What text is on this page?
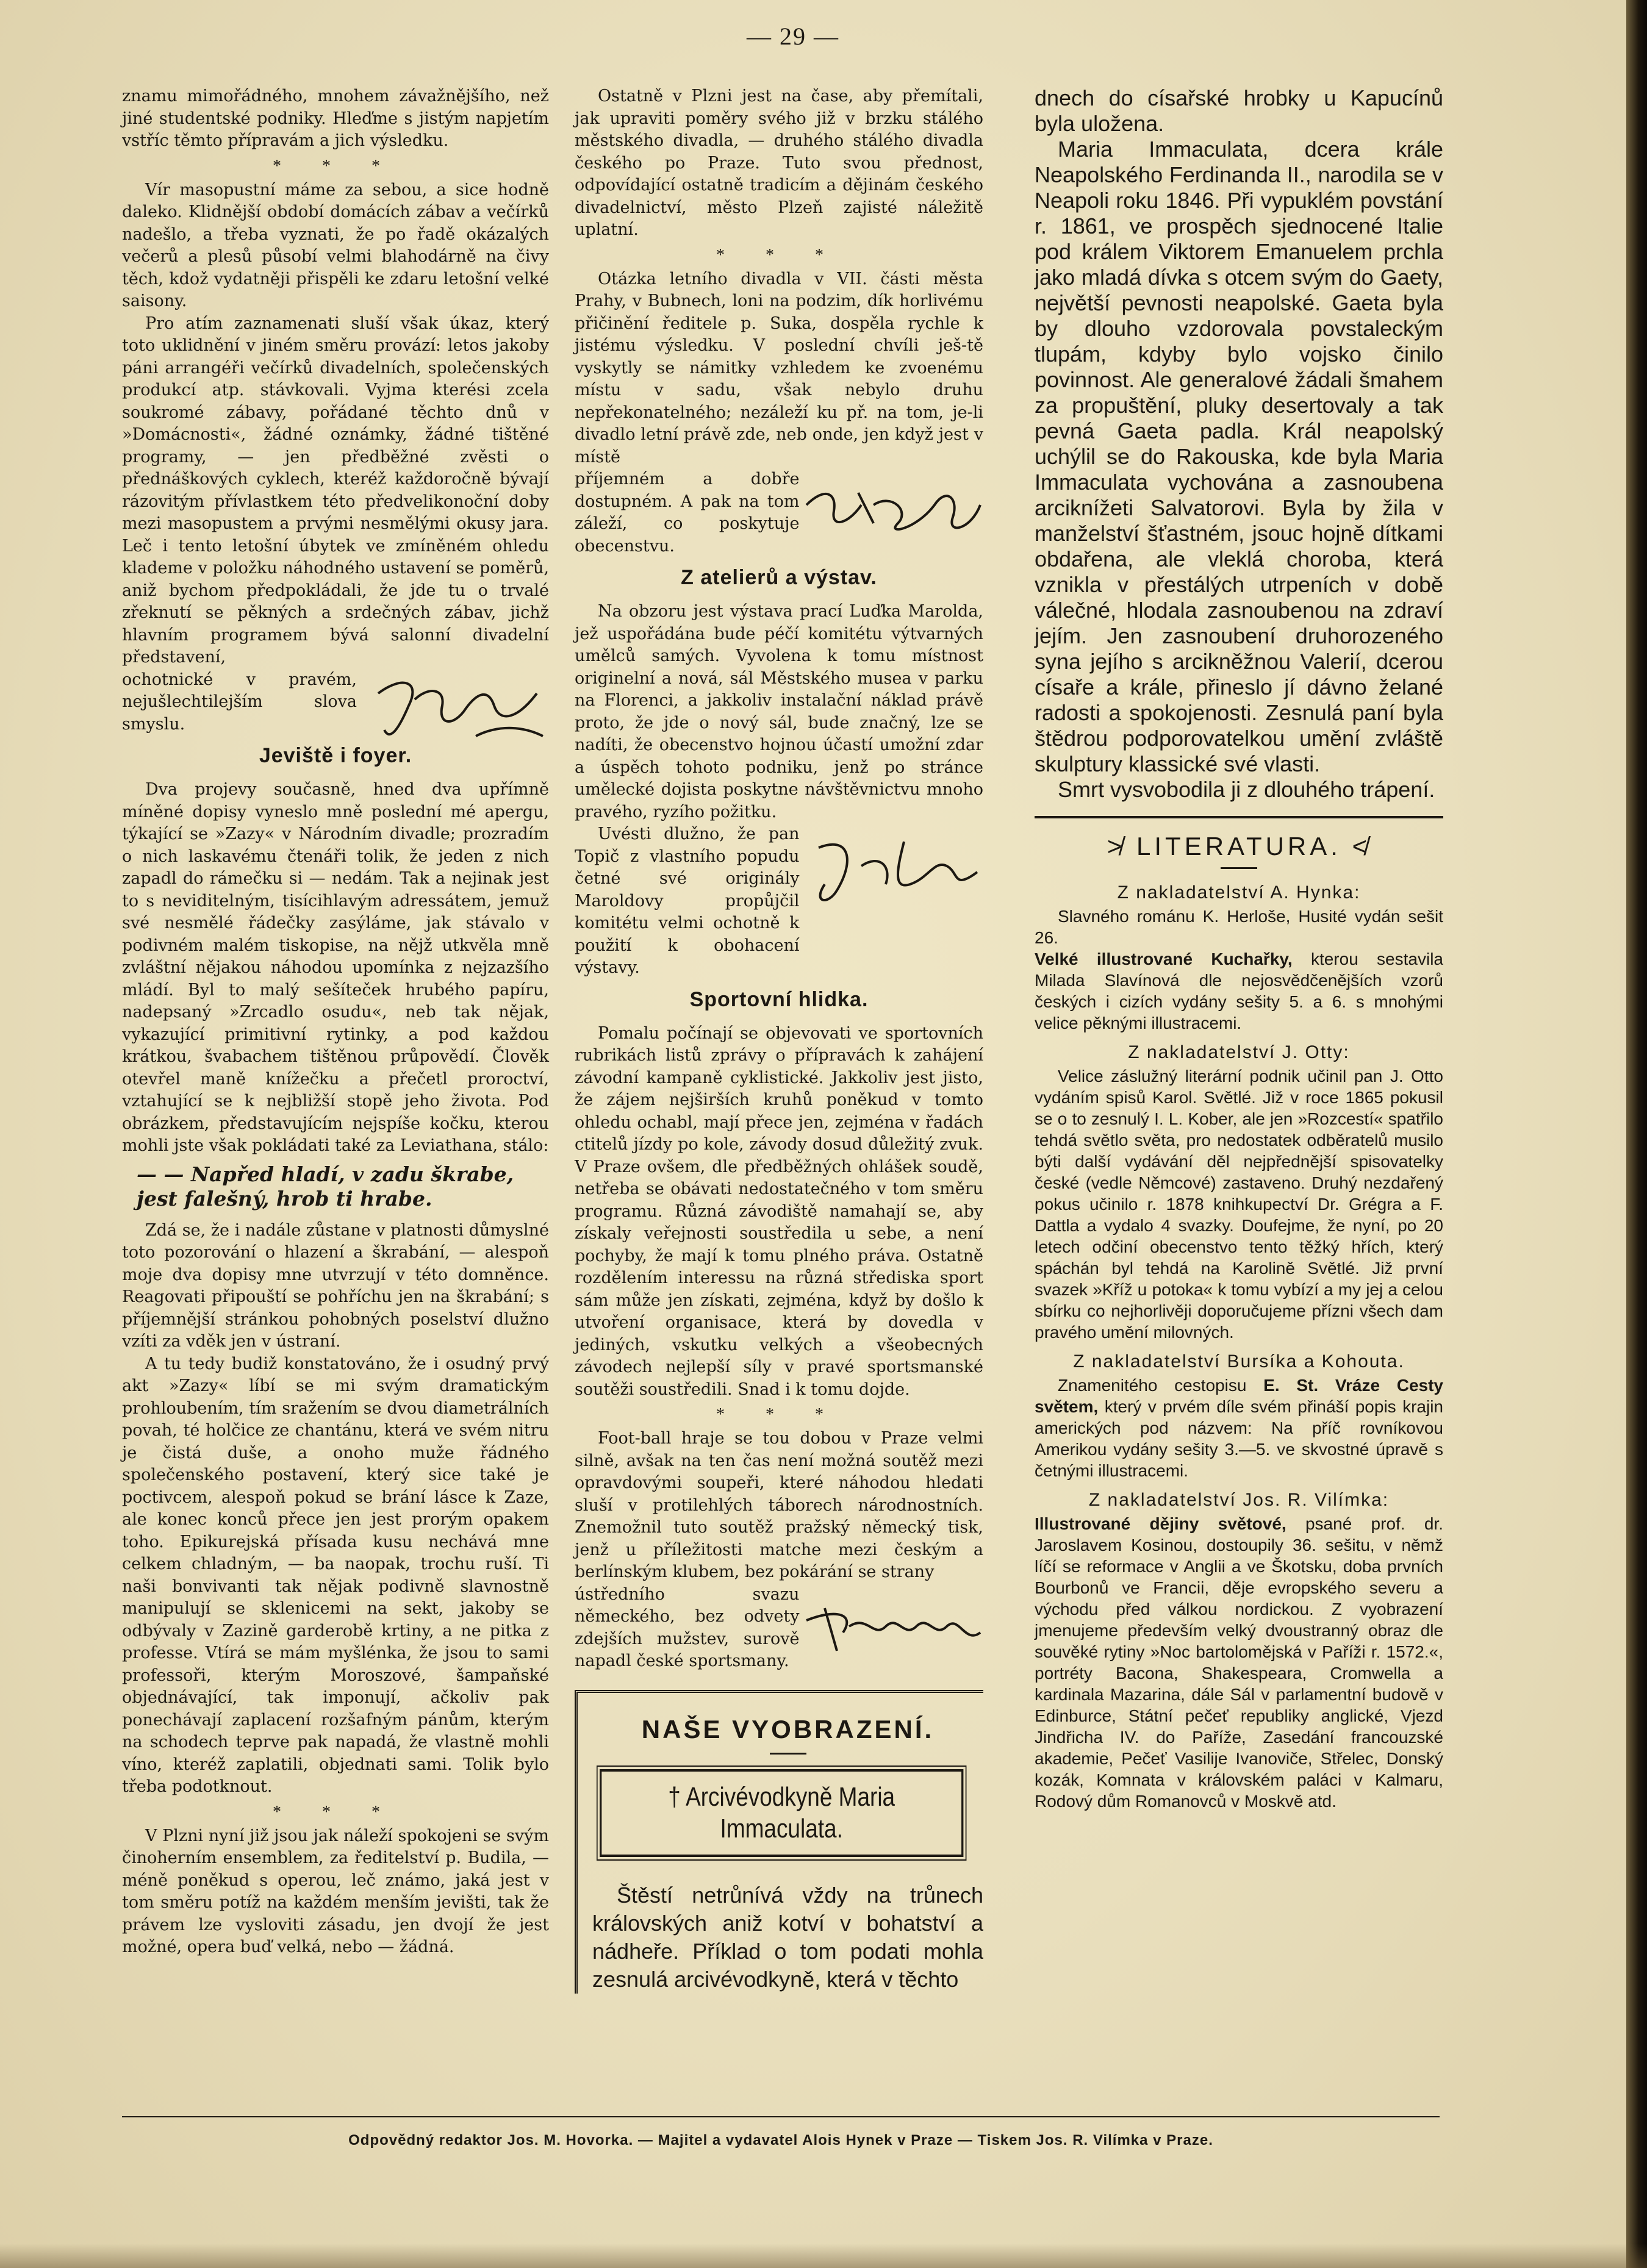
— 29 —

znamu mimořádného, mnohem závažnějšího, než jiné studentské podniky. Hleďme s jistým napjetím vstříc těmto přípravám a jich výsledku.

* * *

Vír masopustní máme za sebou, a sice hodně daleko. Klidnější období domácích zábav a večírků nadešlo, a třeba vyznati, že po řadě okázalých večerů a plesů působí velmi blahodárně na čivy těch, kdož vydatněji přispěli ke zdaru letošní velké saisony.

Pro atím zaznamenati sluší však úkaz, který toto uklidnění v jiném směru provází: letos jakoby páni arrangéři večírků divadelních, společenských produkcí atp. stávkovali. Vyjma kterési zcela soukromé zábavy, pořádané těchto dnů v »Domácnosti«, žádné oznámky, žádné tištěné programy, — jen předběžné zvěsti o přednáškových cyklech, kteréž každoročně bývají rázovitým přívlastkem této předvelikonoční doby mezi masopustem a prvými nesmělými okusy jara. Leč i tento letošní úbytek ve zmíněném ohledu klademe v položku náhodného ustavení se poměrů, aniž bychom předpokládali, že jde tu o trvalé zřeknutí se pěkných a srdečných zábav, jichž hlavním programem bývá salonní divadelní představení,

ochotnické v pravém, nejušlechtilejším slova smyslu.

Jeviště i foyer.

Dva projevy současně, hned dva upřímně míněné dopisy vyneslo mně poslední mé apergu, týkající se »Zazy« v Národním divadle; prozradím o nich laskavému čtenáři tolik, že jeden z nich zapadl do rámečku si — nedám. Tak a nejinak jest to s neviditelným, tisícihlavým adressátem, jemuž své nesmělé řádečky zasýláme, jak stávalo v podivném malém tiskopise, na nějž utkvěla mně zvláštní nějakou náhodou upomínka z nejzazšího mládí. Byl to malý sešíteček hrubého papíru, nadepsaný »Zrcadlo osudu«, neb tak nějak, vykazující primitivní rytinky, a pod každou krátkou, švabachem tištěnou průpovědí. Člověk otevřel maně knížečku a přečetl proroctví, vztahující se k nejbližší stopě jeho života. Pod obrázkem, představujícím nejspíše kočku, kterou mohli jste však pokládati také za Leviathana, stálo:

— — Napřed hladí, v zadu škrabe, jest falešný, hrob ti hrabe.

Zdá se, že i nadále zůstane v platnosti důmyslné toto pozorování o hlazení a škrabání, — alespoň moje dva dopisy mne utvrzují v této domněnce. Reagovati připouští se pohříchu jen na škrabání; s příjemnější stránkou pohobných poselství dlužno vzíti za vděk jen v ústraní.

A tu tedy budiž konstatováno, že i osudný prvý akt »Zazy« líbí se mi svým dramatickým prohloubením, tím sražením se dvou diametrálních povah, té holčice ze chantánu, která ve svém nitru je čistá duše, a onoho muže řádného společenského postavení, který sice také je poctivcem, alespoň pokud se brání lásce k Zaze, ale konec konců přece jen jest prorým opakem toho. Epikurejská přísada kusu nechává mne celkem chladným, — ba naopak, trochu ruší. Ti naši bonvivanti tak nějak podivně slavnostně manipulují se sklenicemi na sekt, jakoby se odbývaly v Zazině garderobě krtiny, a ne pitka z professe. Vtírá se mám myšlénka, že jsou to sami professoři, kterým Moroszové, šampaňské objednávající, tak imponují, ačkoliv pak ponechávají zaplacení rozšafným pánům, kterým na schodech teprve pak napadá, že vlastně mohli víno, kteréž zaplatili, objednati sami. Tolik bylo třeba podotknout.

* * *

V Plzni nyní již jsou jak náleží spokojeni se svým činoherním ensemblem, za ředitelství p. Budila, — méně poněkud s operou, leč známo, jaká jest v tom směru potíž na každém menším jevišti, tak že právem lze vysloviti zásadu, jen dvojí že jest možné, opera buď velká, nebo — žádná.

Ostatně v Plzni jest na čase, aby přemítali, jak upraviti poměry svého již v brzku stálého městského divadla, — druhého stálého divadla českého po Praze. Tuto svou přednost, odpovídající ostatně tradicím a dějinám českého divadelnictví, město Plzeň zajisté náležitě uplatní.

* * *

Otázka letního divadla v VII. části města Prahy, v Bubnech, loni na podzim, dík horlivému přičinění ředitele p. Suka, dospěla rychle k jistému výsledku. V poslední chvíli ješ-tě vyskytly se námitky vzhledem ke zvoenému místu v sadu, však nebylo druhu nepřekonatelného; nezáleží ku př. na tom, je-li divadlo letní právě zde, neb onde, jen když jest v místě

příjemném a dobře dostupném. A pak na tom záleží, co poskytuje obecenstvu.

Z atelierů a výstav.

Na obzoru jest výstava prací Luďka Marolda, jež uspořádána bude péčí komitétu výtvarných umělců samých. Vyvolena k tomu místnost originelní a nová, sál Městského musea v parku na Florenci, a jakkoliv instalační náklad právě proto, že jde o nový sál, bude značný, lze se nadíti, že obecenstvo hojnou účastí umožní zdar a úspěch tohoto podniku, jenž po stránce umělecké dojista poskytne návštěvnictvu mnoho pravého, ryzího požitku.

Uvésti dlužno, že pan Topič z vlastního popudu četné své originály Maroldovy propůjčil komitétu velmi ochotně k použití k obohacení výstavy.

Sportovní hlidka.

Pomalu počínají se objevovati ve sportovních rubrikách listů zprávy o přípravách k zahájení závodní kampaně cyklistické. Jakkoliv jest jisto, že zájem nejširších kruhů poněkud v tomto ohledu ochabl, mají přece jen, zejména v řadách ctitelů jízdy po kole, závody dosud důležitý zvuk. V Praze ovšem, dle předběžných ohlášek soudě, netřeba se obávati nedostatečného v tom směru programu. Různá závodiště namahají se, aby získaly veřejnosti soustředila u sebe, a není pochyby, že mají k tomu plného práva. Ostatně rozdělením interessu na různá střediska sport sám může jen získati, zejména, když by došlo k utvoření organisace, která by dovedla v jediných, vskutku velkých a všeobecných závodech nejlepší síly v pravé sportsmanské soutěži soustředili. Snad i k tomu dojde.

* * *

Foot-ball hraje se tou dobou v Praze velmi silně, avšak na ten čas není možná soutěž mezi opravdovými soupeři, které náhodou hledati sluší v protilehlých táborech národnostních. Znemožnil tuto soutěž pražský německý tisk, jenž u příležitosti matche mezi českým a berlínským klubem, bez pokárání se strany

ústředního svazu německého, bez odvety zdejších mužstev, surově napadl české sportsmany.

NAŠE VYOBRAZENÍ.
† Arcivévodkyně Maria Immaculata.

Štěstí netrůnívá vždy na trůnech královských aniž kotví v bohatství a nádheře. Příklad o tom podati mohla zesnulá arcivévodkyně, která v těchto

dnech do císařské hrobky u Kapucínů byla uložena.

Maria Immaculata, dcera krále Neapolského Ferdinanda II., narodila se v Neapoli roku 1846. Při vypuklém povstání r. 1861, ve prospěch sjednocené Italie pod králem Viktorem Emanuelem prchla jako mladá dívka s otcem svým do Gaety, největší pevnosti neapolské. Gaeta byla by dlouho vzdorovala povstaleckým tlupám, kdyby bylo vojsko činilo povinnost. Ale generalové žádali šmahem za propuštění, pluky desertovaly a tak pevná Gaeta padla. Král neapolský uchýlil se do Rakouska, kde byla Maria Immaculata vychována a zasnoubena arciknížeti Salvatorovi. Byla by žila v manželství šťastném, jsouc hojně dítkami obdařena, ale vleklá choroba, která vznikla v přestálých utrpeních v době válečné, hlodala zasnoubenou na zdraví jejím. Jen zasnoubení druhorozeného syna jejího s arcikněžnou Valerií, dcerou císaře a krále, přineslo jí dávno želané radosti a spokojenosti. Zesnulá paní byla štědrou podporovatelkou umění zvláště skulptury klassické své vlasti.

Smrt vysvobodila ji z dlouhého trápení.

≯ LITERATURA. ≮
Z nakladatelství A. Hynka:

Slavného románu K. Herloše, Husité vydán sešit 26.

Velké illustrované Kuchařky, kterou sestavila Milada Slavínová dle nejosvědčenějších vzorů českých i cizích vydány sešity 5. a 6. s mnohými velice pěknými illustracemi.

Z nakladatelství J. Otty:

Velice záslužný literární podnik učinil pan J. Otto vydáním spisů Karol. Světlé. Již v roce 1865 pokusil se o to zesnulý I. L. Kober, ale jen »Rozcestí« spatřilo tehdá světlo světa, pro nedostatek odběratelů musilo býti další vydávání děl nejpřednější spisovatelky české (vedle Němcové) zastaveno. Druhý nezdařený pokus učinilo r. 1878 knihkupectví Dr. Grégra a F. Dattla a vydalo 4 svazky. Doufejme, že nyní, po 20 letech odčiní obecenstvo tento těžký hřích, který spáchán byl tehdá na Karolině Světlé. Již první svazek »Kříž u potoka« k tomu vybízí a my jej a celou sbírku co nejhorlivěji doporučujeme přízni všech dam pravého umění milovných.

Z nakladatelství Bursíka a Kohouta.

Znamenitého cestopisu E. St. Vráze Cesty světem, který v prvém díle svém přináší popis krajin amerických pod názvem: Na příč rovníkovou Amerikou vydány sešity 3.—5. ve skvostné úpravě s četnými illustracemi.

Z nakladatelství Jos. R. Vilímka:

Illustrované dějiny světové, psané prof. dr. Jaroslavem Kosinou, dostoupily 36. sešitu, v němž líčí se reformace v Anglii a ve Škotsku, doba prvních Bourbonů ve Francii, děje evropského severu a východu před válkou nordickou. Z vyobrazení jmenujeme především velký dvoustranný obraz dle souvěké rytiny »Noc bartolomějská v Paříži r. 1572.«, portréty Bacona, Shakespeara, Cromwella a kardinala Mazarina, dále Sál v parlamentní budově v Edinburce, Státní pečeť republiky anglické, Vjezd Jindřicha IV. do Paříže, Zasedání francouzské akademie, Pečeť Vasilije Ivanoviče, Střelec, Donský kozák, Komnata v královském paláci v Kalmaru, Rodový dům Romanovců v Moskvě atd.

Odpovědný redaktor Jos. M. Hovorka. — Majitel a vydavatel Alois Hynek v Praze — Tiskem Jos. R. Vilímka v Praze.
